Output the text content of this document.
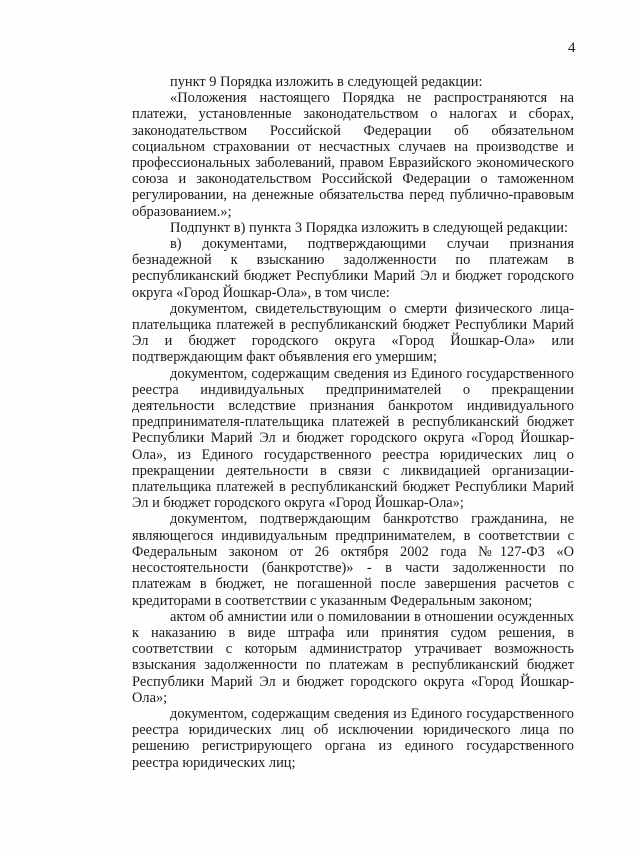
4

пункт 9 Порядка изложить в следующей редакции:

«Положения настоящего Порядка не распространяются на платежи, установленные законодательством о налогах и сборах, законодательством Российской Федерации об обязательном социальном страховании от несчастных случаев на производстве и профессиональных заболеваний, правом Евразийского экономического союза и законодательством Российской Федерации о таможенном регулировании, на денежные обязательства перед публично-правовым образованием.»;

Подпункт в) пункта 3 Порядка изложить в следующей редакции:

в) документами, подтверждающими случаи признания безнадежной к взысканию задолженности по платежам в республиканский бюджет Республики Марий Эл и бюджет городского округа «Город Йошкар-Ола», в том числе:

документом, свидетельствующим о смерти физического лица-плательщика платежей в республиканский бюджет Республики Марий Эл и бюджет городского округа «Город Йошкар-Ола» или подтверждающим факт объявления его умершим;

документом, содержащим сведения из Единого государственного реестра индивидуальных предпринимателей о прекращении деятельности вследствие признания банкротом индивидуального предпринимателя-плательщика платежей в республиканский бюджет Республики Марий Эл и бюджет городского округа «Город Йошкар-Ола», из Единого государственного реестра юридических лиц о прекращении деятельности в связи с ликвидацией организации- плательщика платежей в республиканский бюджет Республики Марий Эл и бюджет городского округа «Город Йошкар-Ола»;

документом, подтверждающим банкротство гражданина, не являющегося индивидуальным предпринимателем, в соответствии с Федеральным законом от 26 октября 2002 года №127-ФЗ «О несостоятельности (банкротстве)» - в части задолженности по платежам в бюджет, не погашенной после завершения расчетов с кредиторами в соответствии с указанным Федеральным законом;

актом об амнистии или о помиловании в отношении осужденных к наказанию в виде штрафа или принятия судом решения, в соответствии с которым администратор утрачивает возможность взыскания задолженности по платежам в республиканский бюджет Республики Марий Эл и бюджет городского округа «Город Йошкар-Ола»;

документом, содержащим сведения из Единого государственного реестра юридических лиц об исключении юридического лица по решению регистрирующего органа из единого государственного реестра юридических лиц;
